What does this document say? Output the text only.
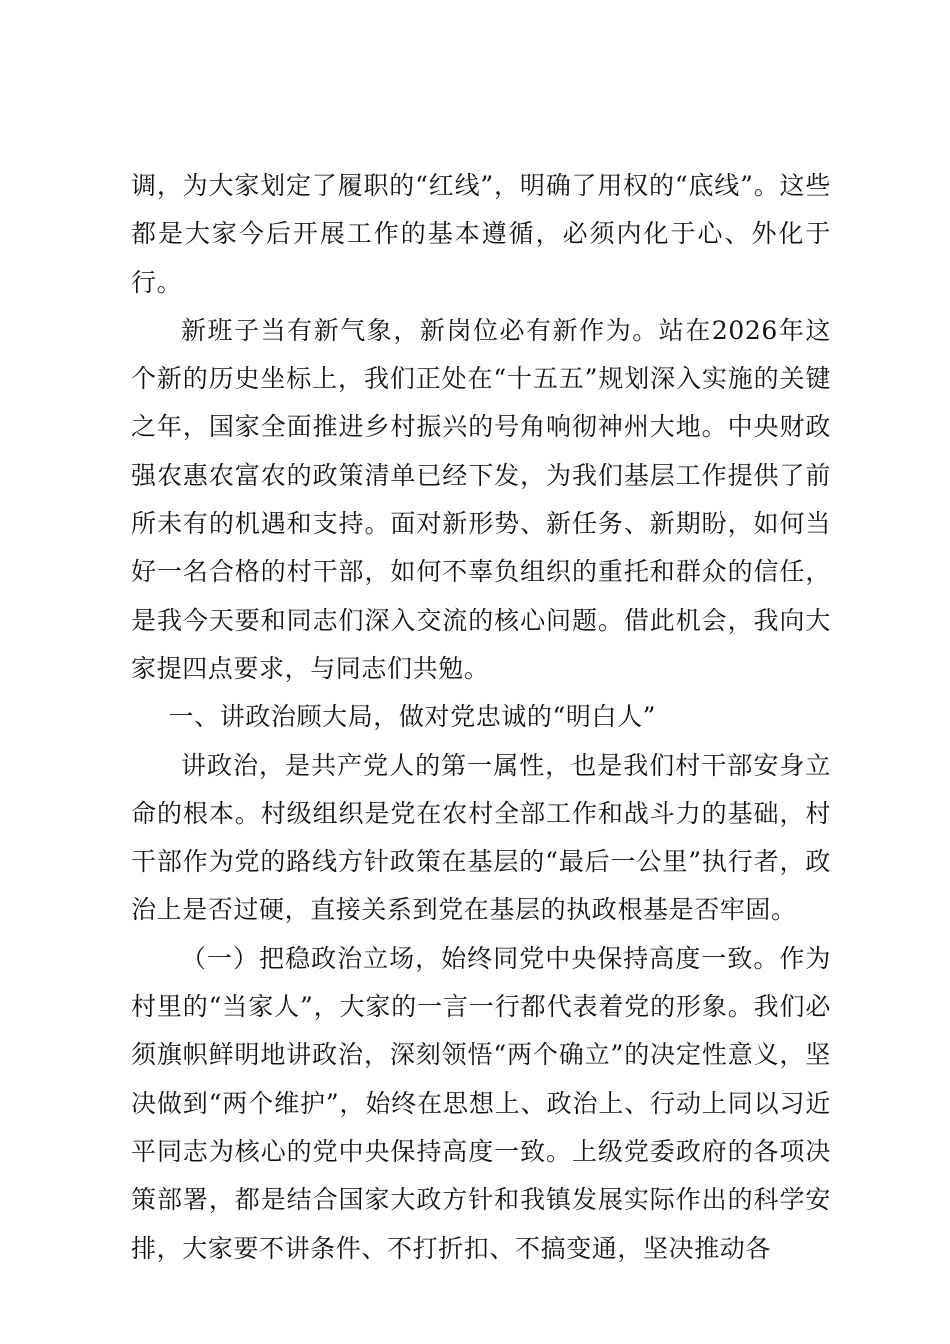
调，为大家划定了履职的“红线”，明确了用权的“底线”。这些都是大家今后开展工作的基本遵循，必须内化于心、外化于行。

新班子当有新气象，新岗位必有新作为。站在2026年这个新的历史坐标上，我们正处在“十五五”规划深入实施的关键之年，国家全面推进乡村振兴的号角响彻神州大地。中央财政强农惠农富农的政策清单已经下发，为我们基层工作提供了前所未有的机遇和支持。面对新形势、新任务、新期盼，如何当好一名合格的村干部，如何不辜负组织的重托和群众的信任，是我今天要和同志们深入交流的核心问题。借此机会，我向大家提四点要求，与同志们共勉。

一、讲政治顾大局，做对党忠诚的“明白人”

讲政治，是共产党人的第一属性，也是我们村干部安身立命的根本。村级组织是党在农村全部工作和战斗力的基础，村干部作为党的路线方针政策在基层的“最后一公里”执行者，政治上是否过硬，直接关系到党在基层的执政根基是否牢固。

（一）把稳政治立场，始终同党中央保持高度一致。作为村里的“当家人”，大家的一言一行都代表着党的形象。我们必须旗帜鲜明地讲政治，深刻领悟“两个确立”的决定性意义，坚决做到“两个维护”，始终在思想上、政治上、行动上同以习近平同志为核心的党中央保持高度一致。上级党委政府的各项决策部署，都是结合国家大政方针和我镇发展实际作出的科学安排，大家要不讲条件、不打折扣、不搞变通，坚决推动各
